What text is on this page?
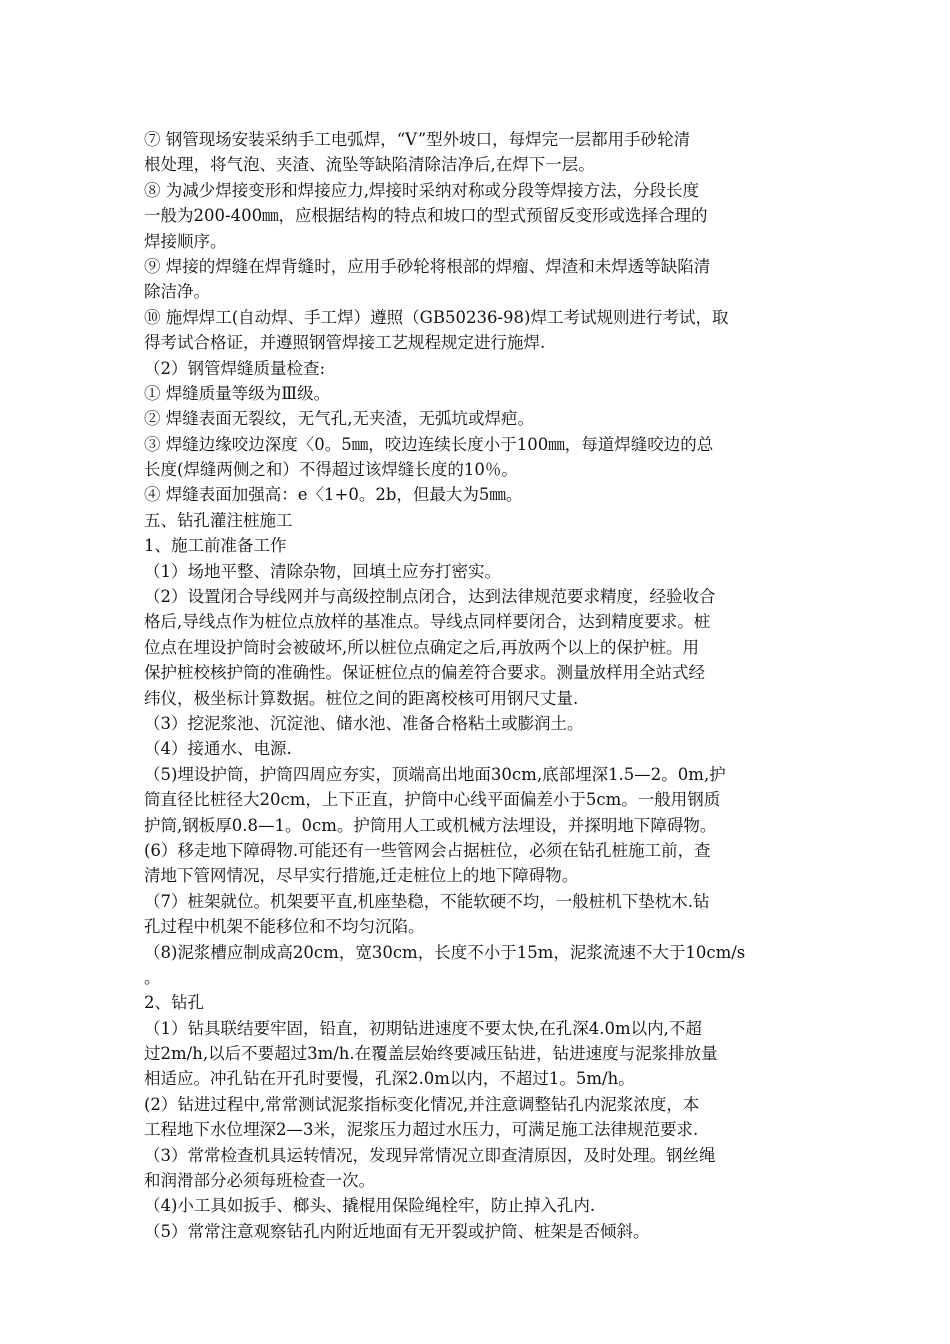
⑦ 钢管现场安装采纳手工电弧焊，“V”型外坡口，每焊完一层都用手砂轮清
根处理，将气泡、夹渣、流坠等缺陷清除洁净后,在焊下一层。
⑧ 为减少焊接变形和焊接应力,焊接时采纳对称或分段等焊接方法，分段长度
一般为200-400㎜，应根据结构的特点和坡口的型式预留反变形或选择合理的
焊接顺序。
⑨ 焊接的焊缝在焊背缝时，应用手砂轮将根部的焊瘤、焊渣和未焊透等缺陷清
除洁净。
⑩ 施焊焊工(自动焊、手工焊）遵照（GB50236-98)焊工考试规则进行考试，取
得考试合格证，并遵照钢管焊接工艺规程规定进行施焊.
（2）钢管焊缝质量检查:
① 焊缝质量等级为Ⅲ级。
② 焊缝表面无裂纹，无气孔,无夹渣，无弧坑或焊疤。
③ 焊缝边缘咬边深度〈0。5㎜，咬边连续长度小于100㎜，每道焊缝咬边的总
长度(焊缝两侧之和）不得超过该焊缝长度的10％。
④ 焊缝表面加强高：e〈1+0。2b，但最大为5㎜。
五、钻孔灌注桩施工
1、施工前准备工作
（1）场地平整、清除杂物，回填土应夯打密实。
（2）设置闭合导线网并与高级控制点闭合，达到法律规范要求精度，经验收合
格后,导线点作为桩位点放样的基准点。导线点同样要闭合，达到精度要求。桩
位点在埋设护筒时会被破坏,所以桩位点确定之后,再放两个以上的保护桩。用
保护桩校核护筒的准确性。保证桩位点的偏差符合要求。测量放样用全站式经
纬仪，极坐标计算数据。桩位之间的距离校核可用钢尺丈量.
（3）挖泥浆池、沉淀池、储水池、准备合格粘土或膨润土。
（4）接通水、电源.
（5)埋设护筒，护筒四周应夯实，顶端高出地面30cm,底部埋深1.5—2。0m,护
筒直径比桩径大20cm，上下正直，护筒中心线平面偏差小于5cm。一般用钢质
护筒,钢板厚0.8—1。0cm。护筒用人工或机械方法埋设，并探明地下障碍物。
(6）移走地下障碍物.可能还有一些管网会占据桩位，必须在钻孔桩施工前，查
清地下管网情况，尽早实行措施,迁走桩位上的地下障碍物。
（7）桩架就位。机架要平直,机座垫稳，不能软硬不均，一般桩机下垫枕木.钻
孔过程中机架不能移位和不均匀沉陷。
（8)泥浆槽应制成高20cm，宽30cm，长度不小于15m，泥浆流速不大于10cm/s
。
2、钻孔
（1）钻具联结要牢固，铅直，初期钻进速度不要太快,在孔深4.0m以内,不超
过2m/h,以后不要超过3m/h.在覆盖层始终要减压钻进，钻进速度与泥浆排放量
相适应。冲孔钻在开孔时要慢，孔深2.0m以内，不超过1。5m/h。
(2）钻进过程中,常常测试泥浆指标变化情况,并注意调整钻孔内泥浆浓度，本
工程地下水位埋深2—3米，泥浆压力超过水压力，可满足施工法律规范要求.
（3）常常检查机具运转情况，发现异常情况立即查清原因，及时处理。钢丝绳
和润滑部分必须每班检查一次。
（4)小工具如扳手、榔头、撬棍用保险绳栓牢，防止掉入孔内.
（5）常常注意观察钻孔内附近地面有无开裂或护筒、桩架是否倾斜。
